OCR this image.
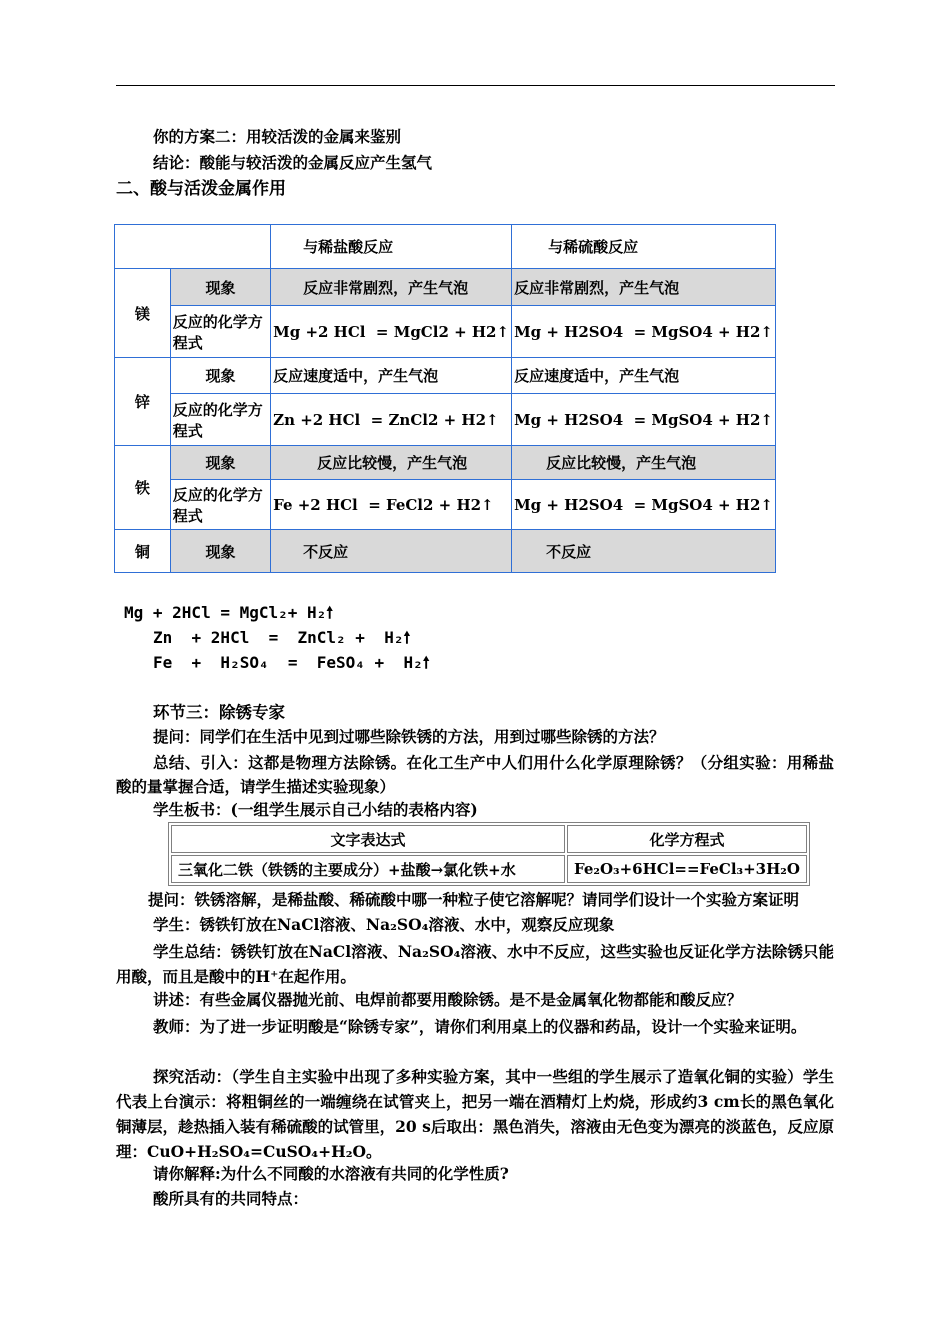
你的方案二：用较活泼的金属来鉴别
结论：酸能与较活泼的金属反应产生氢气
二、酸与活泼金属作用
		与稀盐酸反应	与稀硫酸反应
镁	现象	反应非常剧烈，产生气泡	反应非常剧烈，产生气泡
	反应的化学方程式	Mg +2 HCl  = MgCl2 + H2↑	Mg + H2SO4  = MgSO4 + H2↑
锌	现象	反应速度适中，产生气泡	反应速度适中，产生气泡
	反应的化学方程式	Zn +2 HCl  = ZnCl2 + H2↑	Mg + H2SO4  = MgSO4 + H2↑
铁	现象	反应比较慢，产生气泡	反应比较慢，产生气泡
	反应的化学方程式	Fe +2 HCl  = FeCl2 + H2↑	Mg + H2SO4  = MgSO4 + H2↑
铜	现象	不反应	不反应
Mg + 2HCl = MgCl₂+ H₂🠕
Zn  + 2HCl  =  ZnCl₂ +  H₂🠕
Fe  +  H₂SO₄  =  FeSO₄ +  H₂🠕
环节三：除锈专家
提问：同学们在生活中见到过哪些除铁锈的方法，用到过哪些除锈的方法？
总结、引入：这都是物理方法除锈。在化工生产中人们用什么化学原理除锈？（分组实验：用稀盐酸的量掌握合适，请学生描述实验现象）
学生板书：(一组学生展示自己小结的表格内容)
文字表达式	化学方程式
三氧化二铁（铁锈的主要成分）+盐酸→氯化铁+水	Fe₂O₃+6HCl==FeCl₃+3H₂O
提问：铁锈溶解，是稀盐酸、稀硫酸中哪一种粒子使它溶解呢？请同学们设计一个实验方案证明
学生：锈铁钉放在NaCl溶液、Na₂SO₄溶液、水中，观察反应现象
学生总结：锈铁钉放在NaCl溶液、Na₂SO₄溶液、水中不反应，这些实验也反证化学方法除锈只能用酸，而且是酸中的H⁺在起作用。
讲述：有些金属仪器抛光前、电焊前都要用酸除锈。是不是金属氧化物都能和酸反应？
教师：为了进一步证明酸是“除锈专家”，请你们利用桌上的仪器和药品，设计一个实验来证明。
探究活动：（学生自主实验中出现了多种实验方案，其中一些组的学生展示了造氧化铜的实验）学生代表上台演示：将粗铜丝的一端缠绕在试管夹上，把另一端在酒精灯上灼烧，形成约3 cm长的黑色氧化铜薄层，趁热插入装有稀硫酸的试管里，20 s后取出：黑色消失，溶液由无色变为漂亮的淡蓝色，反应原理：CuO+H₂SO₄=CuSO₄+H₂O。
请你解释:为什么不同酸的水溶液有共同的化学性质?
酸所具有的共同特点：
